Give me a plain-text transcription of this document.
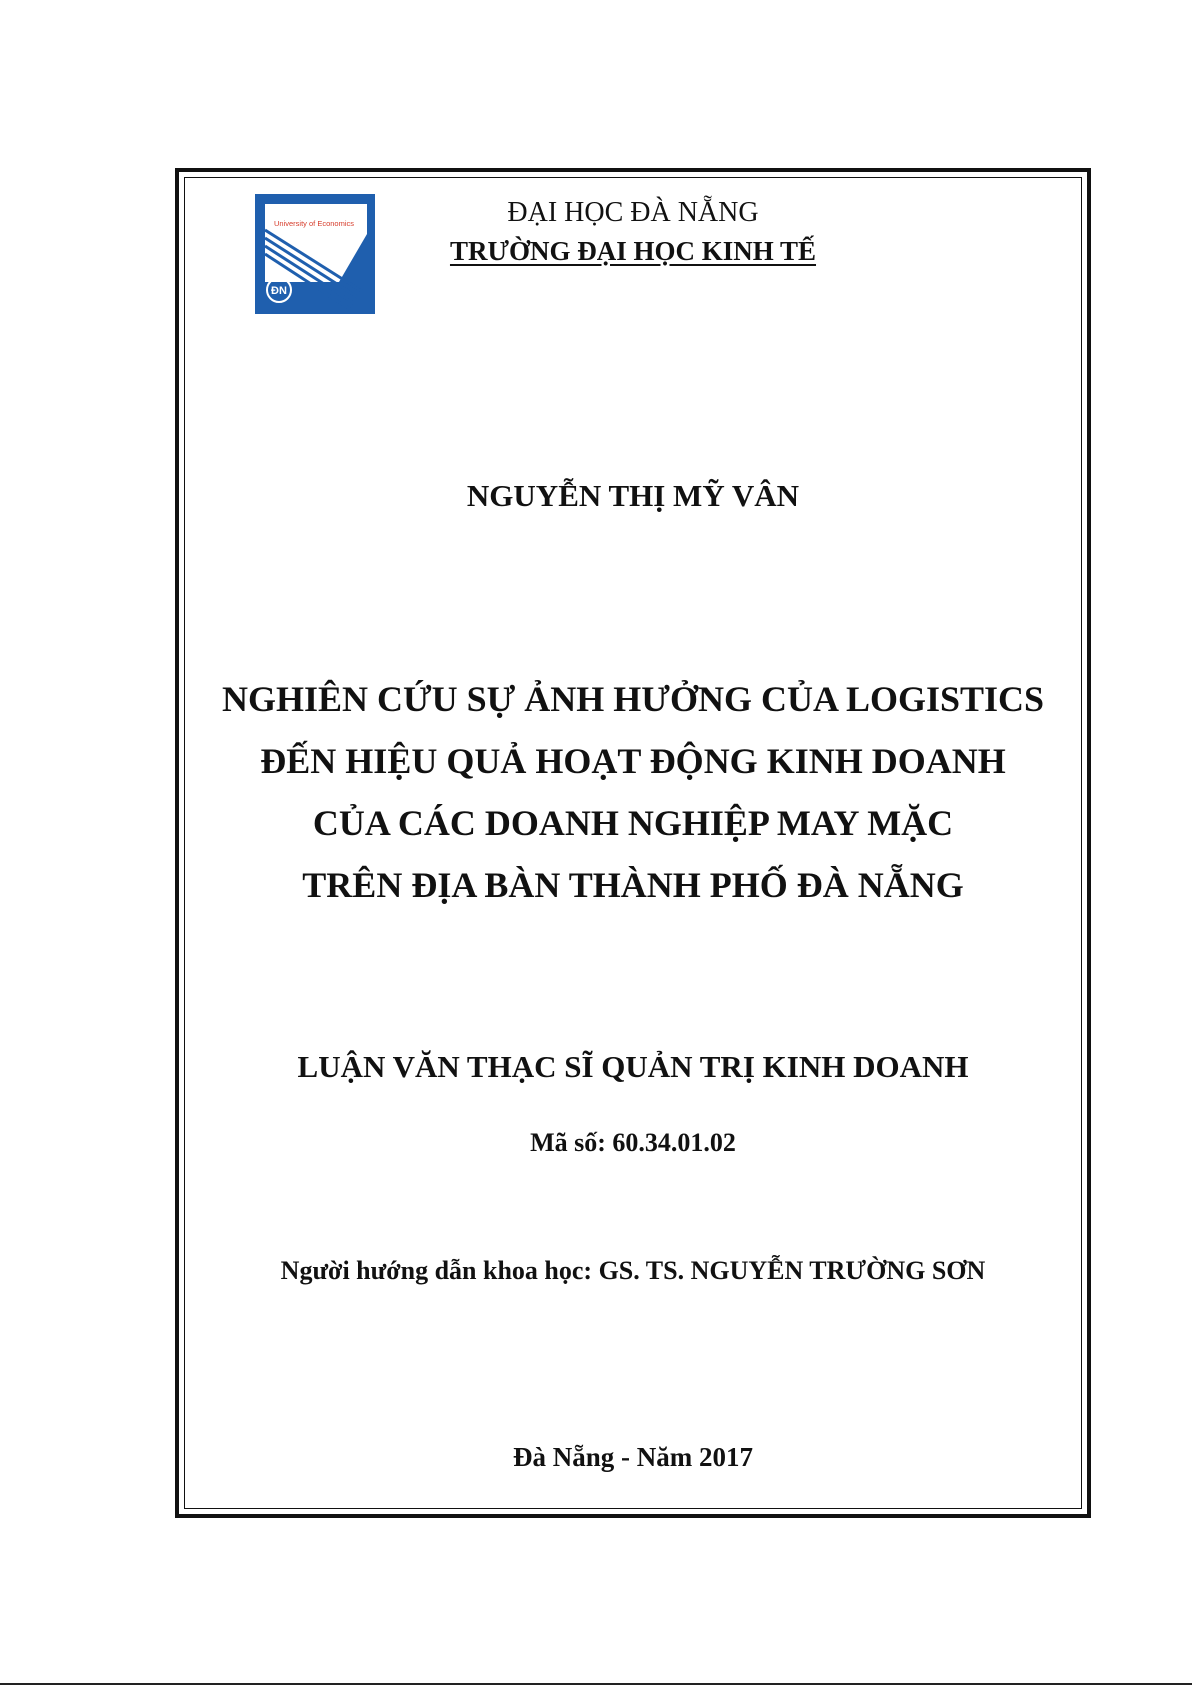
University of Economics
ĐN
ĐẠI HỌC ĐÀ NẴNG
TRƯỜNG ĐẠI HỌC KINH TẾ
NGUYỄN THỊ MỸ VÂN
NGHIÊN CỨU SỰ ẢNH HƯỞNG CỦA LOGISTICS
ĐẾN HIỆU QUẢ HOẠT ĐỘNG KINH DOANH
CỦA CÁC DOANH NGHIỆP MAY MẶC
TRÊN ĐỊA BÀN THÀNH PHỐ ĐÀ NẴNG
LUẬN VĂN THẠC SĨ QUẢN TRỊ KINH DOANH
Mã số: 60.34.01.02
Người hướng dẫn khoa học: GS. TS. NGUYỄN TRƯỜNG SƠN
Đà Nẵng - Năm 2017
